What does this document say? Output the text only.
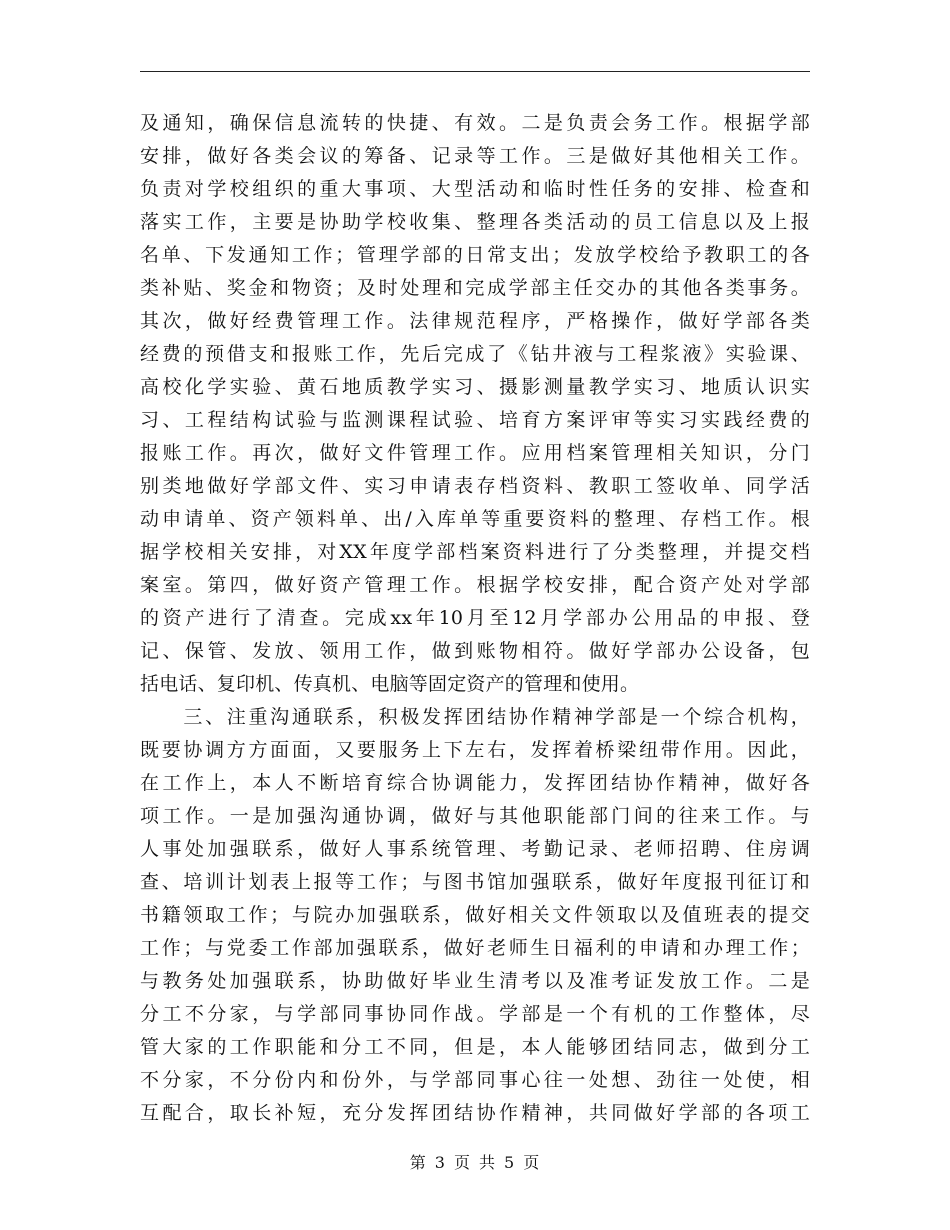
及通知，确保信息流转的快捷、有效。二是负责会务工作。根据学部
安排，做好各类会议的筹备、记录等工作。三是做好其他相关工作。
负责对学校组织的重大事项、大型活动和临时性任务的安排、检查和
落实工作，主要是协助学校收集、整理各类活动的员工信息以及上报
名单、下发通知工作；管理学部的日常支出；发放学校给予教职工的各
类补贴、奖金和物资；及时处理和完成学部主任交办的其他各类事务。
其次，做好经费管理工作。法律规范程序，严格操作，做好学部各类
经费的预借支和报账工作，先后完成了《钻井液与工程浆液》实验课、
高校化学实验、黄石地质教学实习、摄影测量教学实习、地质认识实
习、工程结构试验与监测课程试验、培育方案评审等实习实践经费的
报账工作。再次，做好文件管理工作。应用档案管理相关知识，分门
别类地做好学部文件、实习申请表存档资料、教职工签收单、同学活
动申请单、资产领料单、出/入库单等重要资料的整理、存档工作。根
据学校相关安排，对XX年度学部档案资料进行了分类整理，并提交档
案室。第四，做好资产管理工作。根据学校安排，配合资产处对学部
的资产进行了清查。完成xx年10月至12月学部办公用品的申报、登
记、保管、发放、领用工作，做到账物相符。做好学部办公设备，包
括电话、复印机、传真机、电脑等固定资产的管理和使用。
　　三、注重沟通联系，积极发挥团结协作精神学部是一个综合机构，
既要协调方方面面，又要服务上下左右，发挥着桥梁纽带作用。因此，
在工作上，本人不断培育综合协调能力，发挥团结协作精神，做好各
项工作。一是加强沟通协调，做好与其他职能部门间的往来工作。与
人事处加强联系，做好人事系统管理、考勤记录、老师招聘、住房调
查、培训计划表上报等工作；与图书馆加强联系，做好年度报刊征订和
书籍领取工作；与院办加强联系，做好相关文件领取以及值班表的提交
工作；与党委工作部加强联系，做好老师生日福利的申请和办理工作；
与教务处加强联系，协助做好毕业生清考以及准考证发放工作。二是
分工不分家，与学部同事协同作战。学部是一个有机的工作整体，尽
管大家的工作职能和分工不同，但是，本人能够团结同志，做到分工
不分家，不分份内和份外，与学部同事心往一处想、劲往一处使，相
互配合，取长补短，充分发挥团结协作精神，共同做好学部的各项工
第 3 页 共 5 页
